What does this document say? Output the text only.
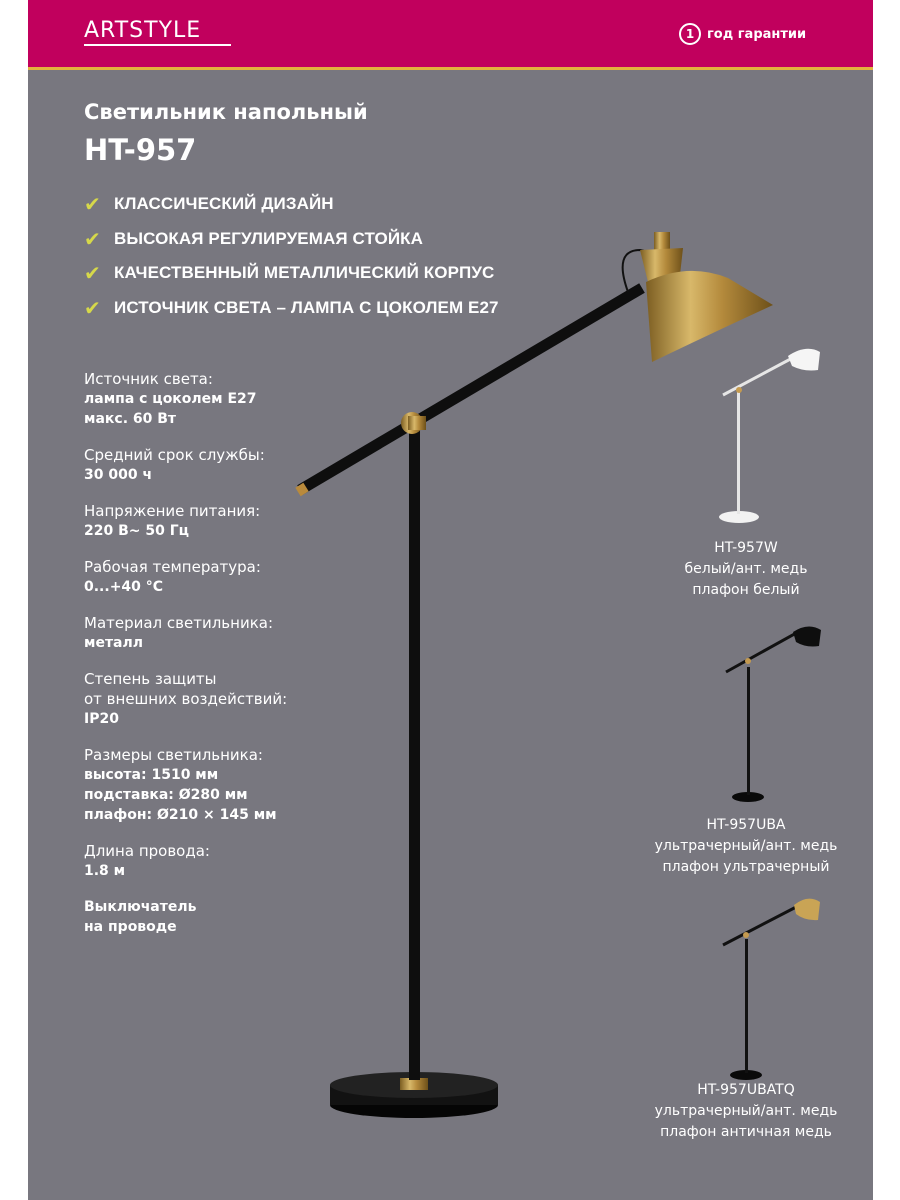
ARTSTYLE	1 год гарантии
Светильник напольный
HT-957
✔ КЛАССИЧЕСКИЙ ДИЗАЙН
✔ ВЫСОКАЯ РЕГУЛИРУЕМАЯ СТОЙКА
✔ КАЧЕСТВЕННЫЙ МЕТАЛЛИЧЕСКИЙ КОРПУС
✔ ИСТОЧНИК СВЕТА – ЛАМПА С ЦОКОЛЕМ E27
Источник света:
лампа с цоколем E27
макс. 60 Вт
Средний срок службы:
30 000 ч
Напряжение питания:
220 В~ 50 Гц
Рабочая температура:
0...+40 °С
Материал светильника:
металл
Степень защиты
от внешних воздействий:
IP20
Размеры светильника:
высота: 1510 мм
подставка: Ø280 мм
плафон: Ø210 × 145 мм
Длина провода:
1.8 м
Выключатель
на проводе
HT-957W
белый/ант. медь
плафон белый
HT-957UBA
ультрачерный/ант. медь
плафон ультрачерный
HT-957UBATQ
ультрачерный/ант. медь
плафон античная медь
